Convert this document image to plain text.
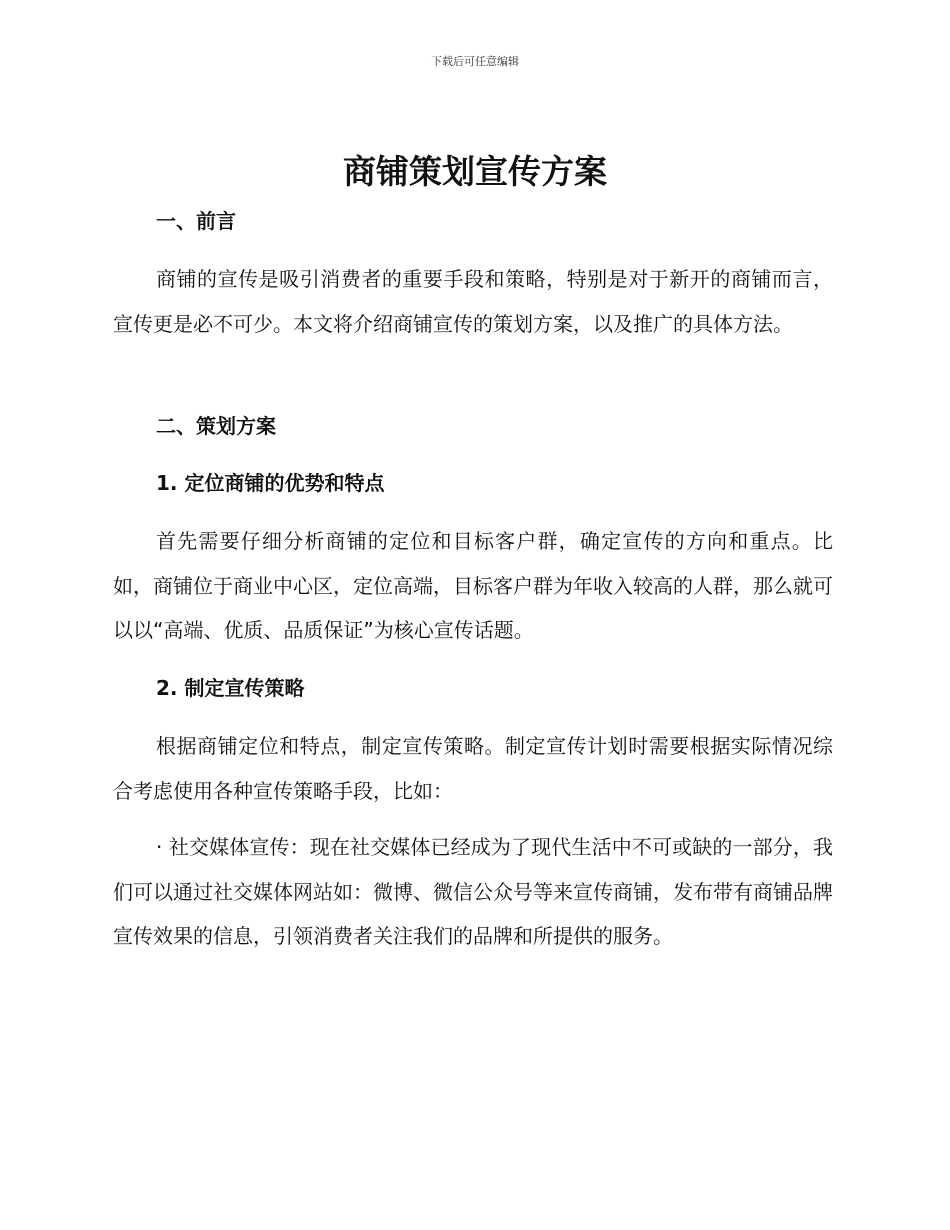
下载后可任意编辑
商铺策划宣传方案
一、前言
商铺的宣传是吸引消费者的重要手段和策略，特别是对于新开的商铺而言，宣传更是必不可少。本文将介绍商铺宣传的策划方案，以及推广的具体方法。
二、策划方案
1. 定位商铺的优势和特点
首先需要仔细分析商铺的定位和目标客户群，确定宣传的方向和重点。比如，商铺位于商业中心区，定位高端，目标客户群为年收入较高的人群，那么就可以以“高端、优质、品质保证”为核心宣传话题。
2. 制定宣传策略
根据商铺定位和特点，制定宣传策略。制定宣传计划时需要根据实际情况综合考虑使用各种宣传策略手段，比如：
· 社交媒体宣传：现在社交媒体已经成为了现代生活中不可或缺的一部分，我们可以通过社交媒体网站如：微博、微信公众号等来宣传商铺，发布带有商铺品牌宣传效果的信息，引领消费者关注我们的品牌和所提供的服务。
